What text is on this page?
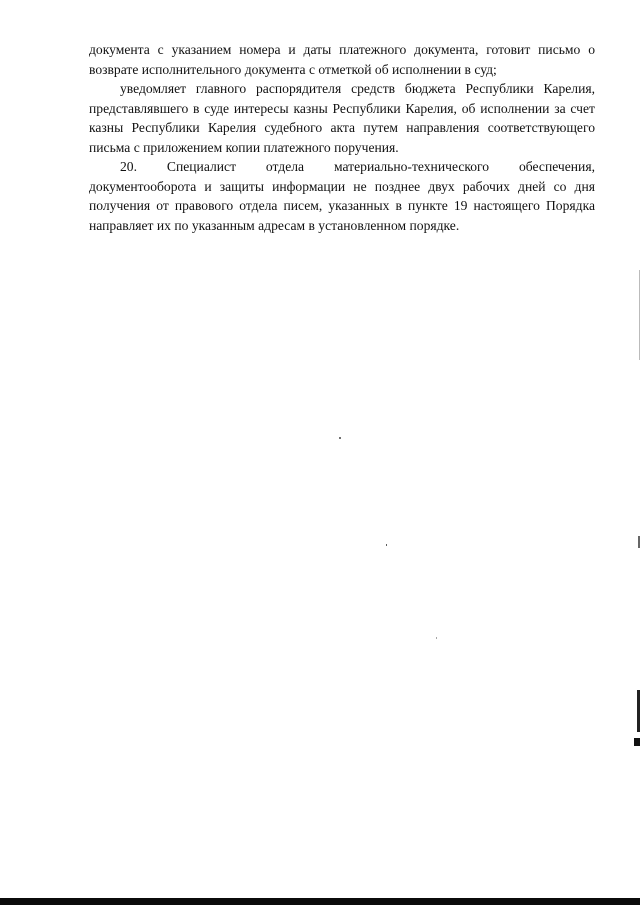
документа с указанием номера и даты платежного документа, готовит письмо о возврате исполнительного документа с отметкой об исполнении в суд;

уведомляет главного распорядителя средств бюджета Республики Карелия, представлявшего в суде интересы казны Республики Карелия, об исполнении за счет казны Республики Карелия судебного акта путем направления соответствующего письма с приложением копии платежного поручения.

20. Специалист отдела материально-технического обеспечения, документооборота и защиты информации не позднее двух рабочих дней со дня получения от правового отдела писем, указанных в пункте 19 настоящего Порядка направляет их по указанным адресам в установленном порядке.
